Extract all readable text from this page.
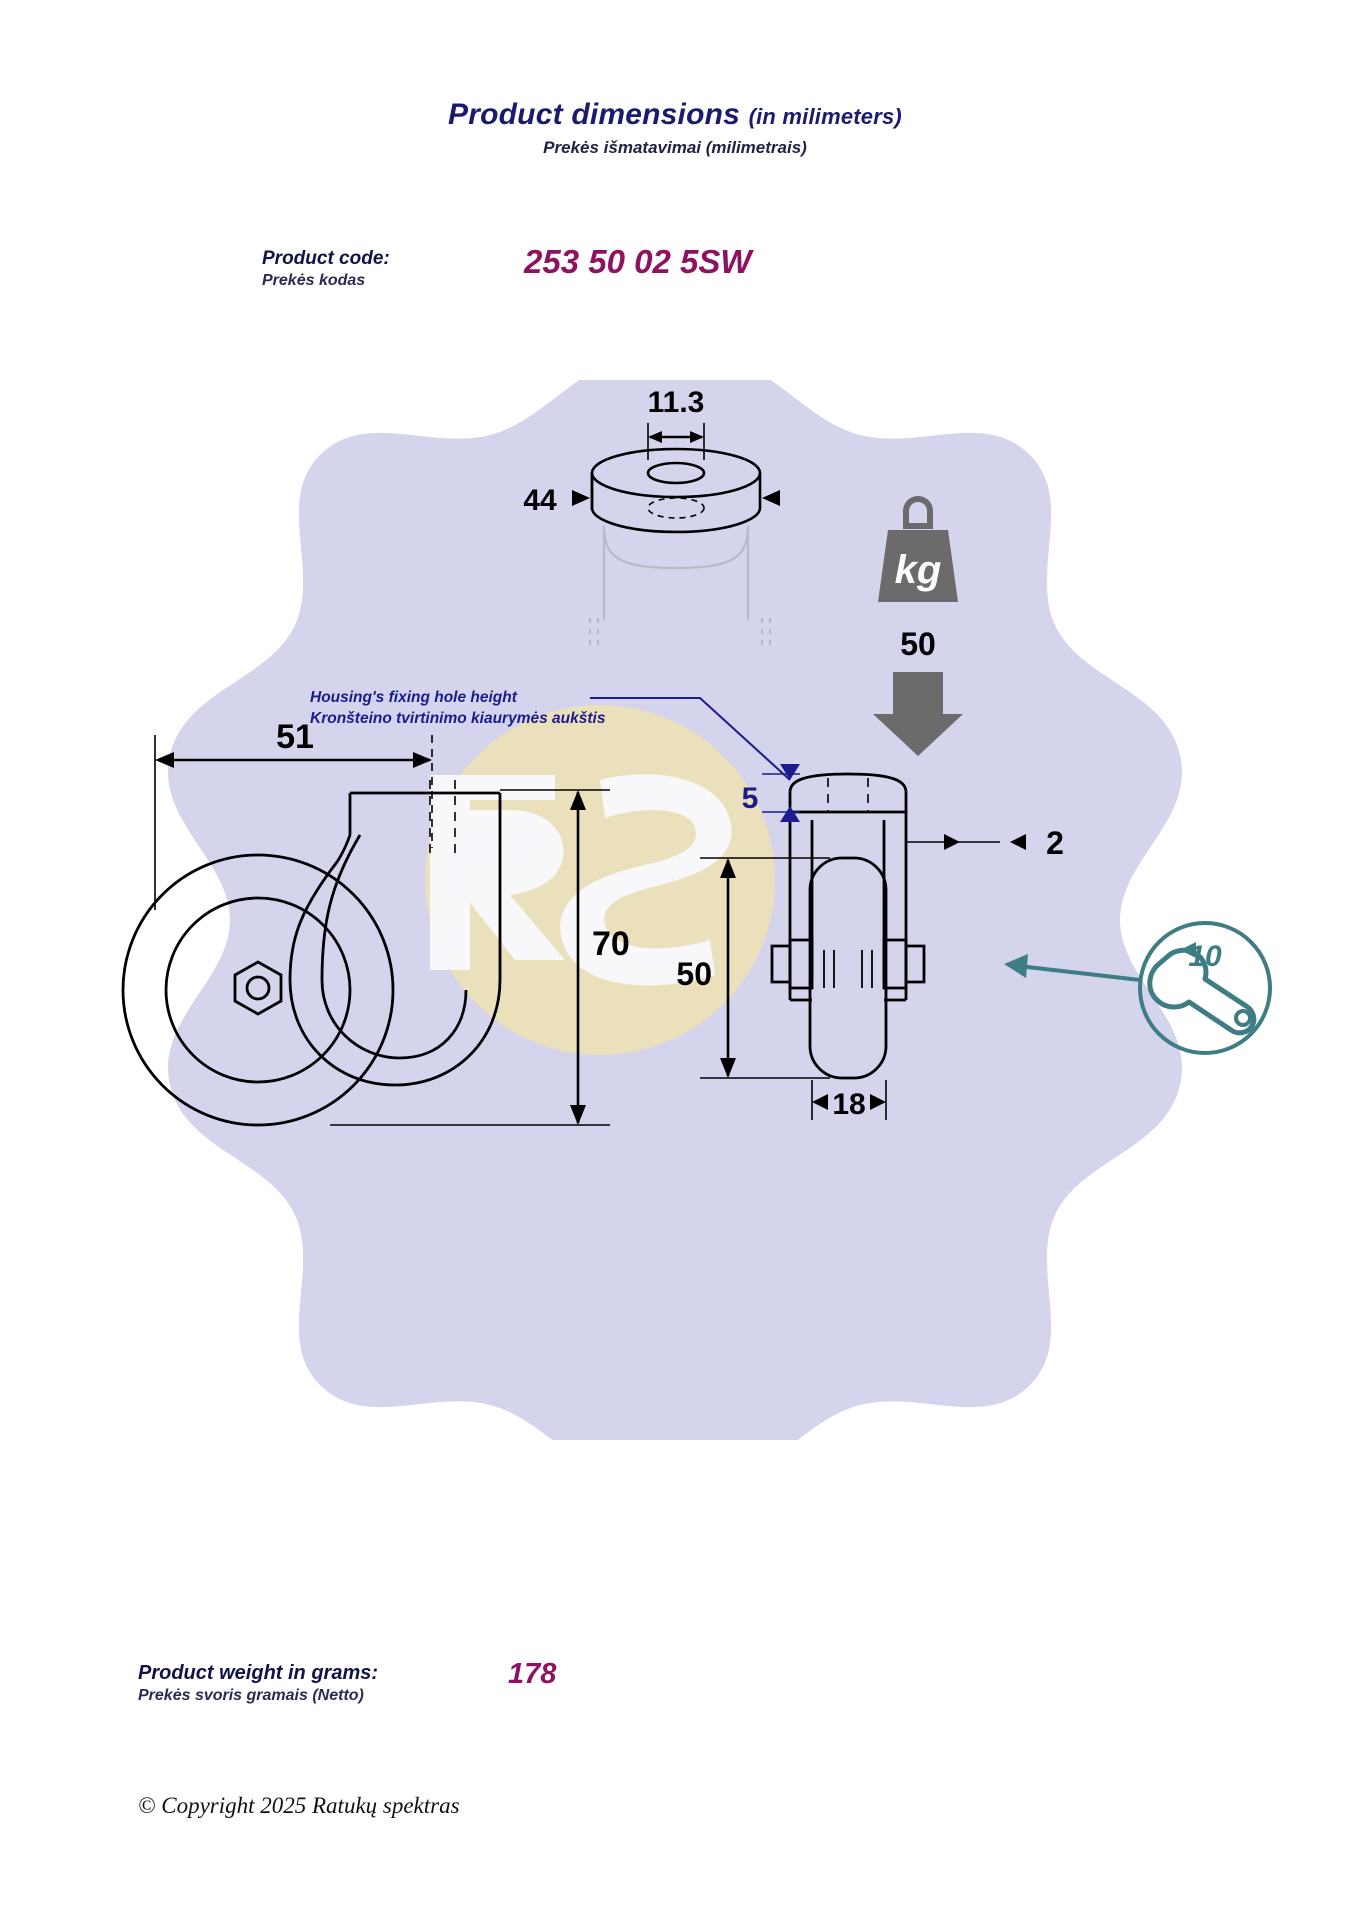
Product dimensions (in milimeters)
Prekės išmatavimai (milimetrais)
Product code:
Prekės kodas
253 50 02 5SW
11.3
44
kg
50
Housing's fixing hole height
Kronšteino tvirtinimo kiaurymės aukštis
51
70
5
2
50
18
10
Product weight in grams:
Prekės svoris gramais (Netto)
178
© Copyright 2025 Ratukų spektras
